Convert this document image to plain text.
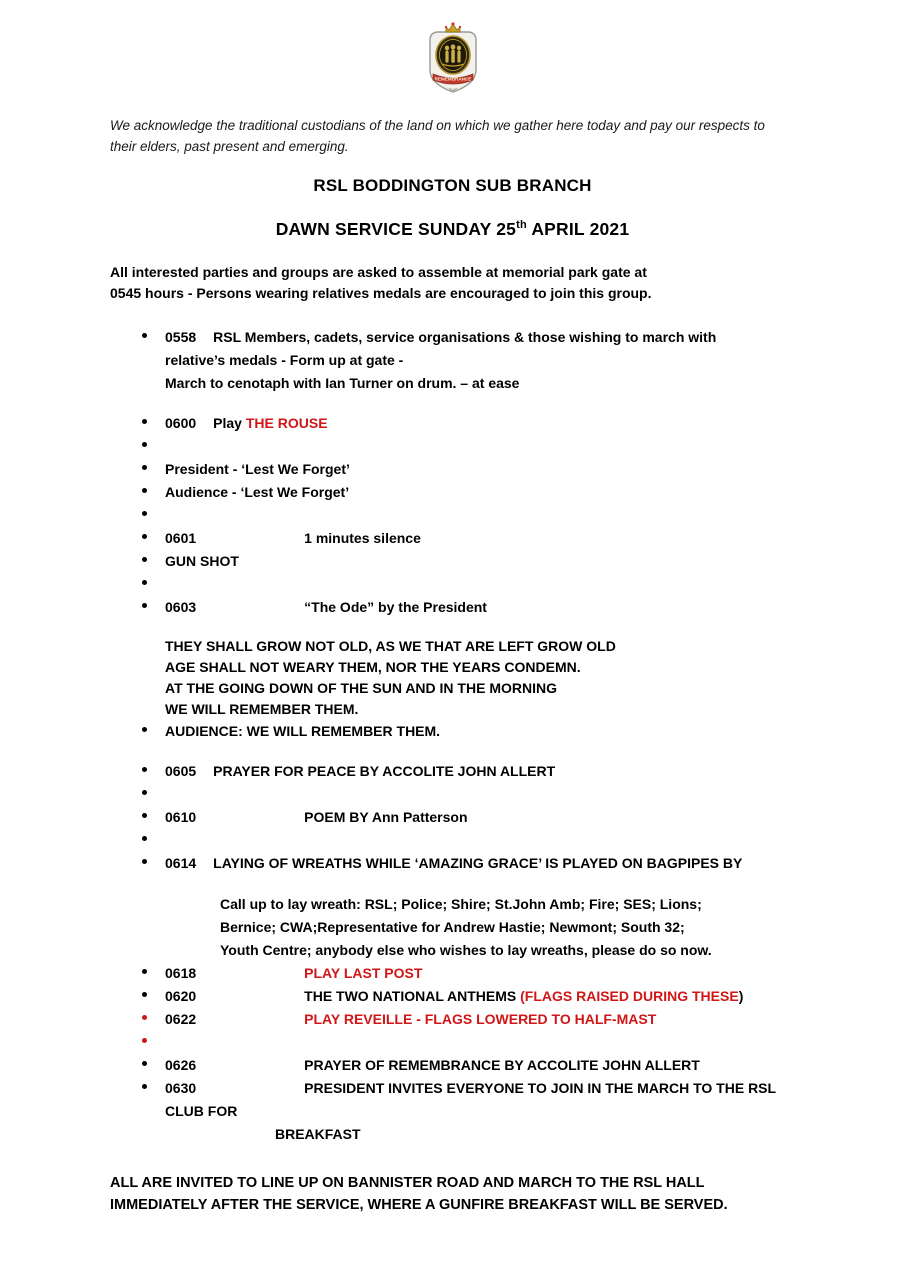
REMEMBRANCE
We acknowledge the traditional custodians of the land on which we gather here today and pay our respects to their elders, past present and emerging.
RSL BODDINGTON SUB BRANCH
DAWN SERVICE SUNDAY 25th APRIL 2021
All interested parties and groups are asked to assemble at memorial park gate at
0545 hours - Persons wearing relatives medals are encouraged to join this group.
0558 RSL Members, cadets, service organisations & those wishing to march with
relative’s medals - Form up at gate -
March to cenotaph with Ian Turner on drum. – at ease
0600 Play THE ROUSE
President - ‘Lest We Forget’
Audience - ‘Lest We Forget’
0601	1 minutes silence
GUN SHOT
0603	“The Ode” by the President
THEY SHALL GROW NOT OLD, AS WE THAT ARE LEFT GROW OLD
AGE SHALL NOT WEARY THEM, NOR THE YEARS CONDEMN.
AT THE GOING DOWN OF THE SUN AND IN THE MORNING
WE WILL REMEMBER THEM.
AUDIENCE: WE WILL REMEMBER THEM.
0605 PRAYER FOR PEACE BY ACCOLITE JOHN ALLERT
0610	POEM BY Ann Patterson
0614 LAYING OF WREATHS WHILE ‘AMAZING GRACE’ IS PLAYED ON BAGPIPES BY
Call up to lay wreath: RSL; Police; Shire; St.John Amb; Fire; SES; Lions;
Bernice; CWA;Representative for Andrew Hastie; Newmont; South 32;
Youth Centre; anybody else who wishes to lay wreaths, please do so now.
0618	PLAY LAST POST
0620	THE TWO NATIONAL ANTHEMS (FLAGS RAISED DURING THESE)
0622	PLAY REVEILLE - FLAGS LOWERED TO HALF-MAST
0626	PRAYER OF REMEMBRANCE BY ACCOLITE JOHN ALLERT
0630	PRESIDENT INVITES EVERYONE TO JOIN IN THE MARCH TO THE RSL
CLUB FOR
BREAKFAST
ALL ARE INVITED TO LINE UP ON BANNISTER ROAD AND MARCH TO THE RSL HALL
IMMEDIATELY AFTER THE SERVICE, WHERE A GUNFIRE BREAKFAST WILL BE SERVED.
